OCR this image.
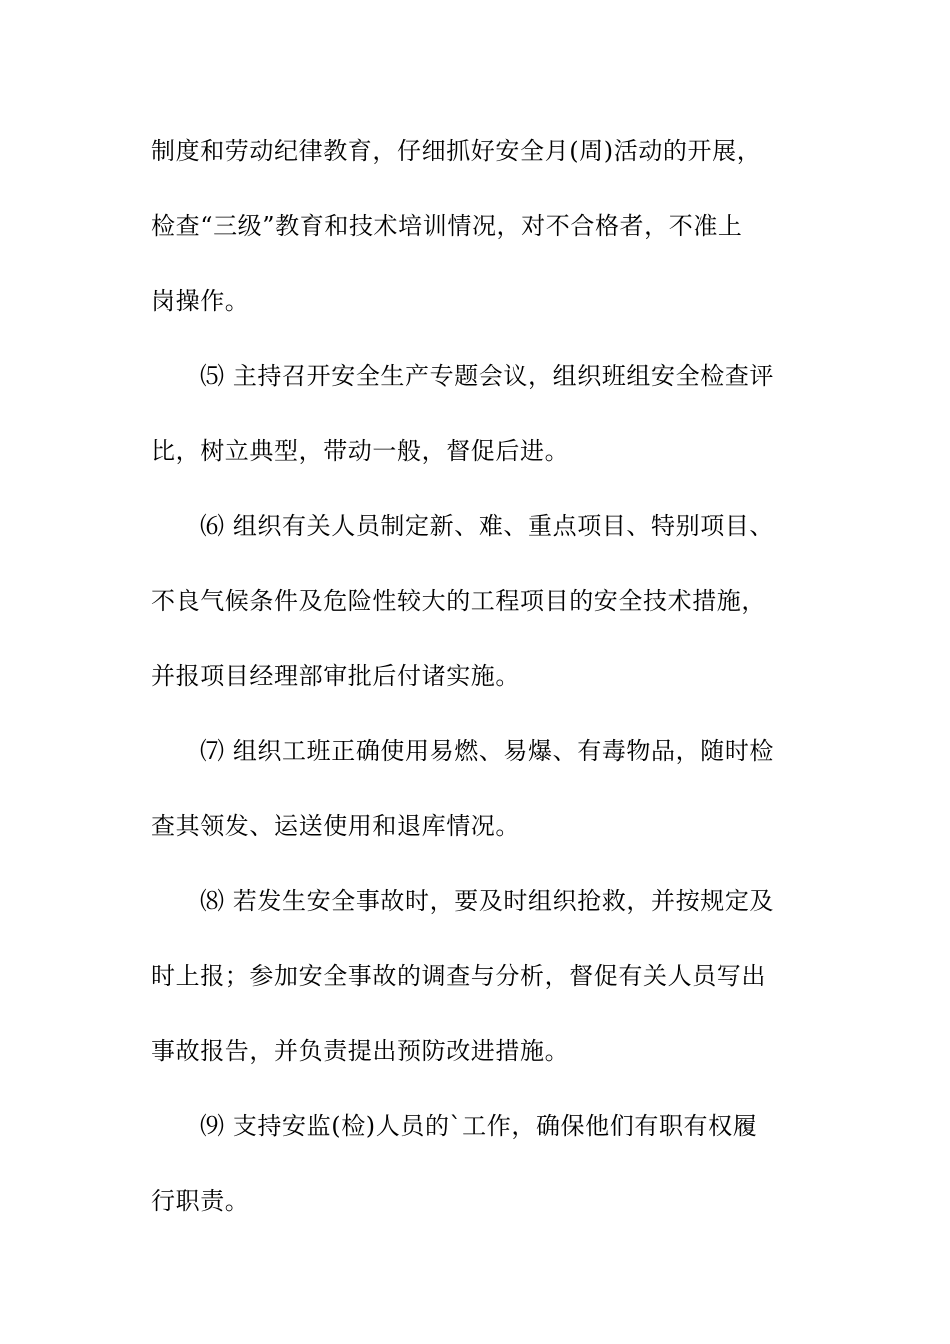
制度和劳动纪律教育，仔细抓好安全月(周)活动的开展，
检查“三级”教育和技术培训情况，对不合格者，不准上
岗操作。
⑸ 主持召开安全生产专题会议，组织班组安全检查评
比，树立典型，带动一般，督促后进。
⑹ 组织有关人员制定新、难、重点项目、特别项目、
不良气候条件及危险性较大的工程项目的安全技术措施，
并报项目经理部审批后付诸实施。
⑺ 组织工班正确使用易燃、易爆、有毒物品，随时检
查其领发、运送使用和退库情况。
⑻ 若发生安全事故时，要及时组织抢救，并按规定及
时上报；参加安全事故的调查与分析，督促有关人员写出
事故报告，并负责提出预防改进措施。
⑼ 支持安监(检)人员的`工作，确保他们有职有权履
行职责。
